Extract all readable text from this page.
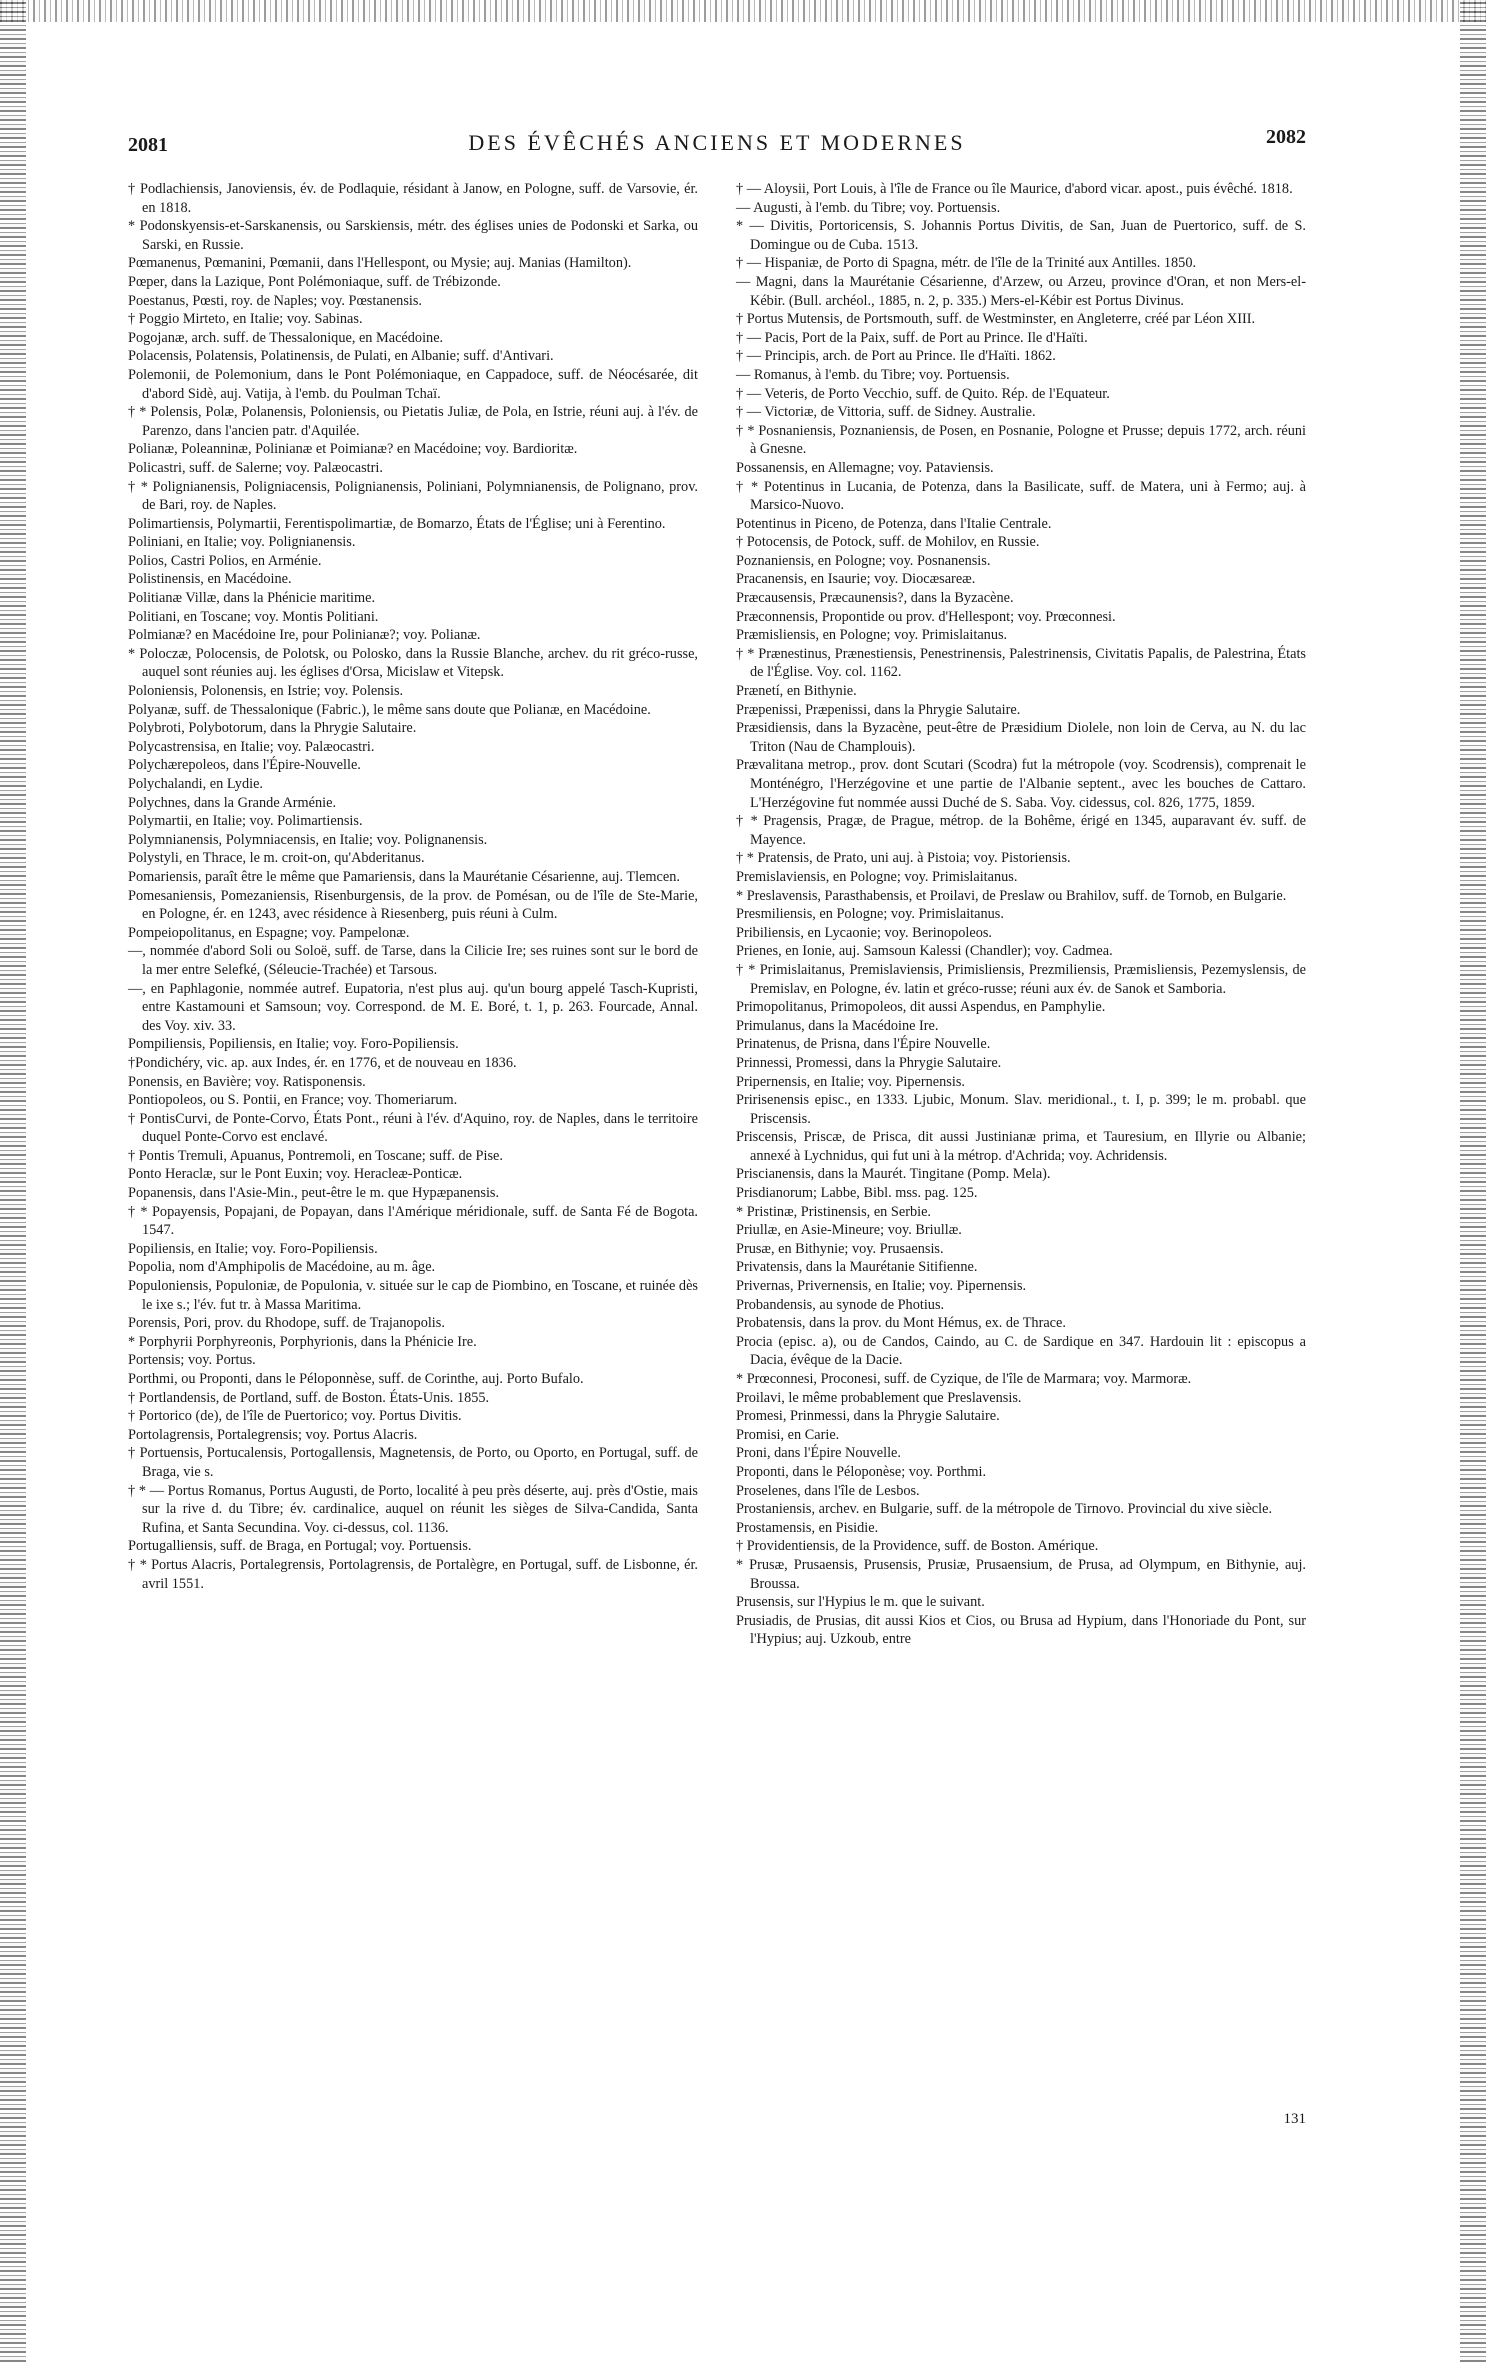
2081	DES ÉVÊCHÉS ANCIENS ET MODERNES	2082

† Podlachiensis, Janoviensis, év. de Podlaquie, résidant à Janow, en Pologne, suff. de Varsovie, ér. en 1818.

* Podonskyensis-et-Sarskanensis, ou Sarskiensis, métr. des églises unies de Podonski et Sarka, ou Sarski, en Russie.

Pœmanenus, Pœmanini, Pœmanii, dans l'Hellespont, ou Mysie; auj. Manias (Hamilton).

Pœper, dans la Lazique, Pont Polémoniaque, suff. de Trébizonde.

Poestanus, Pœsti, roy. de Naples; voy. Pœstanensis.

† Poggio Mirteto, en Italie; voy. Sabinas.

Pogojanæ, arch. suff. de Thessalonique, en Macédoine.

Polacensis, Polatensis, Polatinensis, de Pulati, en Albanie; suff. d'Antivari.

Polemonii, de Polemonium, dans le Pont Polémoniaque, en Cappadoce, suff. de Néocésarée, dit d'abord Sidè, auj. Vatija, à l'emb. du Poulman Tchaï.

† * Polensis, Polæ, Polanensis, Poloniensis, ou Pietatis Juliæ, de Pola, en Istrie, réuni auj. à l'év. de Parenzo, dans l'ancien patr. d'Aquilée.

Polianæ, Poleanninæ, Polinianæ et Poimianæ? en Macédoine; voy. Bardioritæ.

Policastri, suff. de Salerne; voy. Palæocastri.

† * Polignianensis, Poligniacensis, Polignianensis, Poliniani, Polymnianensis, de Polignano, prov. de Bari, roy. de Naples.

Polimartiensis, Polymartii, Ferentispolimartiæ, de Bomarzo, États de l'Église; uni à Ferentino.

Poliniani, en Italie; voy. Polignianensis.

Polios, Castri Polios, en Arménie.

Polistinensis, en Macédoine.

Politianæ Villæ, dans la Phénicie maritime.

Politiani, en Toscane; voy. Montis Politiani.

Polmianæ? en Macédoine Ire, pour Polinianæ?; voy. Polianæ.

* Poloczæ, Polocensis, de Polotsk, ou Polosko, dans la Russie Blanche, archev. du rit gréco-russe, auquel sont réunies auj. les églises d'Orsa, Micislaw et Vitepsk.

Poloniensis, Polonensis, en Istrie; voy. Polensis.

Polyanæ, suff. de Thessalonique (Fabric.), le même sans doute que Polianæ, en Macédoine.

Polybroti, Polybotorum, dans la Phrygie Salutaire.

Polycastrensisa, en Italie; voy. Palæocastri.

Polychærepoleos, dans l'Épire-Nouvelle.

Polychalandi, en Lydie.

Polychnes, dans la Grande Arménie.

Polymartii, en Italie; voy. Polimartiensis.

Polymnianensis, Polymniacensis, en Italie; voy. Polignanensis.

Polystyli, en Thrace, le m. croit-on, qu'Abderitanus.

Pomariensis, paraît être le même que Pamariensis, dans la Maurétanie Césarienne, auj. Tlemcen.

Pomesaniensis, Pomezaniensis, Risenburgensis, de la prov. de Pomésan, ou de l'île de Ste-Marie, en Pologne, ér. en 1243, avec résidence à Riesenberg, puis réuni à Culm.

Pompeiopolitanus, en Espagne; voy. Pampelonæ.

—, nommée d'abord Soli ou Soloë, suff. de Tarse, dans la Cilicie Ire; ses ruines sont sur le bord de la mer entre Selefké, (Séleucie-Trachée) et Tarsous.

—, en Paphlagonie, nommée autref. Eupatoria, n'est plus auj. qu'un bourg appelé Tasch-Kupristi, entre Kastamouni et Samsoun; voy. Correspond. de M. E. Boré, t. 1, p. 263. Fourcade, Annal. des Voy. xiv. 33.

Pompiliensis, Popiliensis, en Italie; voy. Foro-Popiliensis.

†Pondichéry, vic. ap. aux Indes, ér. en 1776, et de nouveau en 1836.

Ponensis, en Bavière; voy. Ratisponensis.

Pontiopoleos, ou S. Pontii, en France; voy. Thomeriarum.

† PontisCurvi, de Ponte-Corvo, États Pont., réuni à l'év. d'Aquino, roy. de Naples, dans le territoire duquel Ponte-Corvo est enclavé.

† Pontis Tremuli, Apuanus, Pontremoli, en Toscane; suff. de Pise.

Ponto Heraclæ, sur le Pont Euxin; voy. Heracleæ-Ponticæ.

Popanensis, dans l'Asie-Min., peut-être le m. que Hypæpanensis.

† * Popayensis, Popajani, de Popayan, dans l'Amérique méridionale, suff. de Santa Fé de Bogota. 1547.

Popiliensis, en Italie; voy. Foro-Popiliensis.

Popolia, nom d'Amphipolis de Macédoine, au m. âge.

Populoniensis, Populoniæ, de Populonia, v. située sur le cap de Piombino, en Toscane, et ruinée dès le ixe s.; l'év. fut tr. à Massa Maritima.

Porensis, Pori, prov. du Rhodope, suff. de Trajanopolis.

* Porphyrii Porphyreonis, Porphyrionis, dans la Phénicie Ire.

Portensis; voy. Portus.

Porthmi, ou Proponti, dans le Péloponnèse, suff. de Corinthe, auj. Porto Bufalo.

† Portlandensis, de Portland, suff. de Boston. États-Unis. 1855.

† Portorico (de), de l'île de Puertorico; voy. Portus Divitis.

Portolagrensis, Portalegrensis; voy. Portus Alacris.

† Portuensis, Portucalensis, Portogallensis, Magnetensis, de Porto, ou Oporto, en Portugal, suff. de Braga, vie s.

† * — Portus Romanus, Portus Augusti, de Porto, localité à peu près déserte, auj. près d'Ostie, mais sur la rive d. du Tibre; év. cardinalice, auquel on réunit les sièges de Silva-Candida, Santa Rufina, et Santa Secundina. Voy. ci-dessus, col. 1136.

Portugalliensis, suff. de Braga, en Portugal; voy. Portuensis.

† * Portus Alacris, Portalegrensis, Portolagrensis, de Portalègre, en Portugal, suff. de Lisbonne, ér. avril 1551.

† — Aloysii, Port Louis, à l'île de France ou île Maurice, d'abord vicar. apost., puis évêché. 1818.

— Augusti, à l'emb. du Tibre; voy. Portuensis.

* — Divitis, Portoricensis, S. Johannis Portus Divitis, de San, Juan de Puertorico, suff. de S. Domingue ou de Cuba. 1513.

† — Hispaniæ, de Porto di Spagna, métr. de l'île de la Trinité aux Antilles. 1850.

— Magni, dans la Maurétanie Césarienne, d'Arzew, ou Arzeu, province d'Oran, et non Mers-el-Kébir. (Bull. archéol., 1885, n. 2, p. 335.) Mers-el-Kébir est Portus Divinus.

† Portus Mutensis, de Portsmouth, suff. de Westminster, en Angleterre, créé par Léon XIII.

† — Pacis, Port de la Paix, suff. de Port au Prince. Ile d'Haïti.

† — Principis, arch. de Port au Prince. Ile d'Haïti. 1862.

— Romanus, à l'emb. du Tibre; voy. Portuensis.

† — Veteris, de Porto Vecchio, suff. de Quito. Rép. de l'Equateur.

† — Victoriæ, de Vittoria, suff. de Sidney. Australie.

† * Posnaniensis, Poznaniensis, de Posen, en Posnanie, Pologne et Prusse; depuis 1772, arch. réuni à Gnesne.

Possanensis, en Allemagne; voy. Pataviensis.

† * Potentinus in Lucania, de Potenza, dans la Basilicate, suff. de Matera, uni à Fermo; auj. à Marsico-Nuovo.

Potentinus in Piceno, de Potenza, dans l'Italie Centrale.

† Potocensis, de Potock, suff. de Mohilov, en Russie.

Poznaniensis, en Pologne; voy. Posnanensis.

Pracanensis, en Isaurie; voy. Diocæsareæ.

Præcausensis, Præcaunensis?, dans la Byzacène.

Præconnensis, Propontide ou prov. d'Hellespont; voy. Prœconnesi.

Præmisliensis, en Pologne; voy. Primislaitanus.

† * Prænestinus, Prænestiensis, Penestrinensis, Palestrinensis, Civitatis Papalis, de Palestrina, États de l'Église. Voy. col. 1162.

Prænetí, en Bithynie.

Præpenissi, Præpenissi, dans la Phrygie Salutaire.

Præsidiensis, dans la Byzacène, peut-être de Præsidium Diolele, non loin de Cerva, au N. du lac Triton (Nau de Champlouis).

Prævalitana metrop., prov. dont Scutari (Scodra) fut la métropole (voy. Scodrensis), comprenait le Monténégro, l'Herzégovine et une partie de l'Albanie septent., avec les bouches de Cattaro. L'Herzégovine fut nommée aussi Duché de S. Saba. Voy. cidessus, col. 826, 1775, 1859.

† * Pragensis, Pragæ, de Prague, métrop. de la Bohême, érigé en 1345, auparavant év. suff. de Mayence.

† * Pratensis, de Prato, uni auj. à Pistoia; voy. Pistoriensis.

Premislaviensis, en Pologne; voy. Primislaitanus.

* Preslavensis, Parasthabensis, et Proilavi, de Preslaw ou Brahilov, suff. de Tornob, en Bulgarie.

Presmiliensis, en Pologne; voy. Primislaitanus.

Pribiliensis, en Lycaonie; voy. Berinopoleos.

Prienes, en Ionie, auj. Samsoun Kalessi (Chandler); voy. Cadmea.

† * Primislaitanus, Premislaviensis, Primisliensis, Prezmiliensis, Præmisliensis, Pezemyslensis, de Premislav, en Pologne, év. latin et gréco-russe; réuni aux év. de Sanok et Samboria.

Primopolitanus, Primopoleos, dit aussi Aspendus, en Pamphylie.

Primulanus, dans la Macédoine Ire.

Prinatenus, de Prisna, dans l'Épire Nouvelle.

Prinnessi, Promessi, dans la Phrygie Salutaire.

Pripernensis, en Italie; voy. Pipernensis.

Pririsenensis episc., en 1333. Ljubic, Monum. Slav. meridional., t. I, p. 399; le m. probabl. que Priscensis.

Priscensis, Priscæ, de Prisca, dit aussi Justinianæ prima, et Tauresium, en Illyrie ou Albanie; annexé à Lychnidus, qui fut uni à la métrop. d'Achrida; voy. Achridensis.

Priscianensis, dans la Maurét. Tingitane (Pomp. Mela).

Prisdianorum; Labbe, Bibl. mss. pag. 125.

* Pristinæ, Pristinensis, en Serbie.

Priullæ, en Asie-Mineure; voy. Briullæ.

Prusæ, en Bithynie; voy. Prusaensis.

Privatensis, dans la Maurétanie Sitifienne.

Privernas, Privernensis, en Italie; voy. Pipernensis.

Probandensis, au synode de Photius.

Probatensis, dans la prov. du Mont Hémus, ex. de Thrace.

Procia (episc. a), ou de Candos, Caindo, au C. de Sardique en 347. Hardouin lit : episcopus a Dacia, évêque de la Dacie.

* Prœconnesi, Proconesi, suff. de Cyzique, de l'île de Marmara; voy. Marmoræ.

Proilavi, le même probablement que Preslavensis.

Promesi, Prinmessi, dans la Phrygie Salutaire.

Promisi, en Carie.

Proni, dans l'Épire Nouvelle.

Proponti, dans le Péloponèse; voy. Porthmi.

Proselenes, dans l'île de Lesbos.

Prostaniensis, archev. en Bulgarie, suff. de la métropole de Tirnovo. Provincial du xive siècle.

Prostamensis, en Pisidie.

† Providentiensis, de la Providence, suff. de Boston. Amérique.

* Prusæ, Prusaensis, Prusensis, Prusiæ, Prusaensium, de Prusa, ad Olympum, en Bithynie, auj. Broussa.

Prusensis, sur l'Hypius le m. que le suivant.

Prusiadis, de Prusias, dit aussi Kios et Cios, ou Brusa ad Hypium, dans l'Honoriade du Pont, sur l'Hypius; auj. Uzkoub, entre

131
